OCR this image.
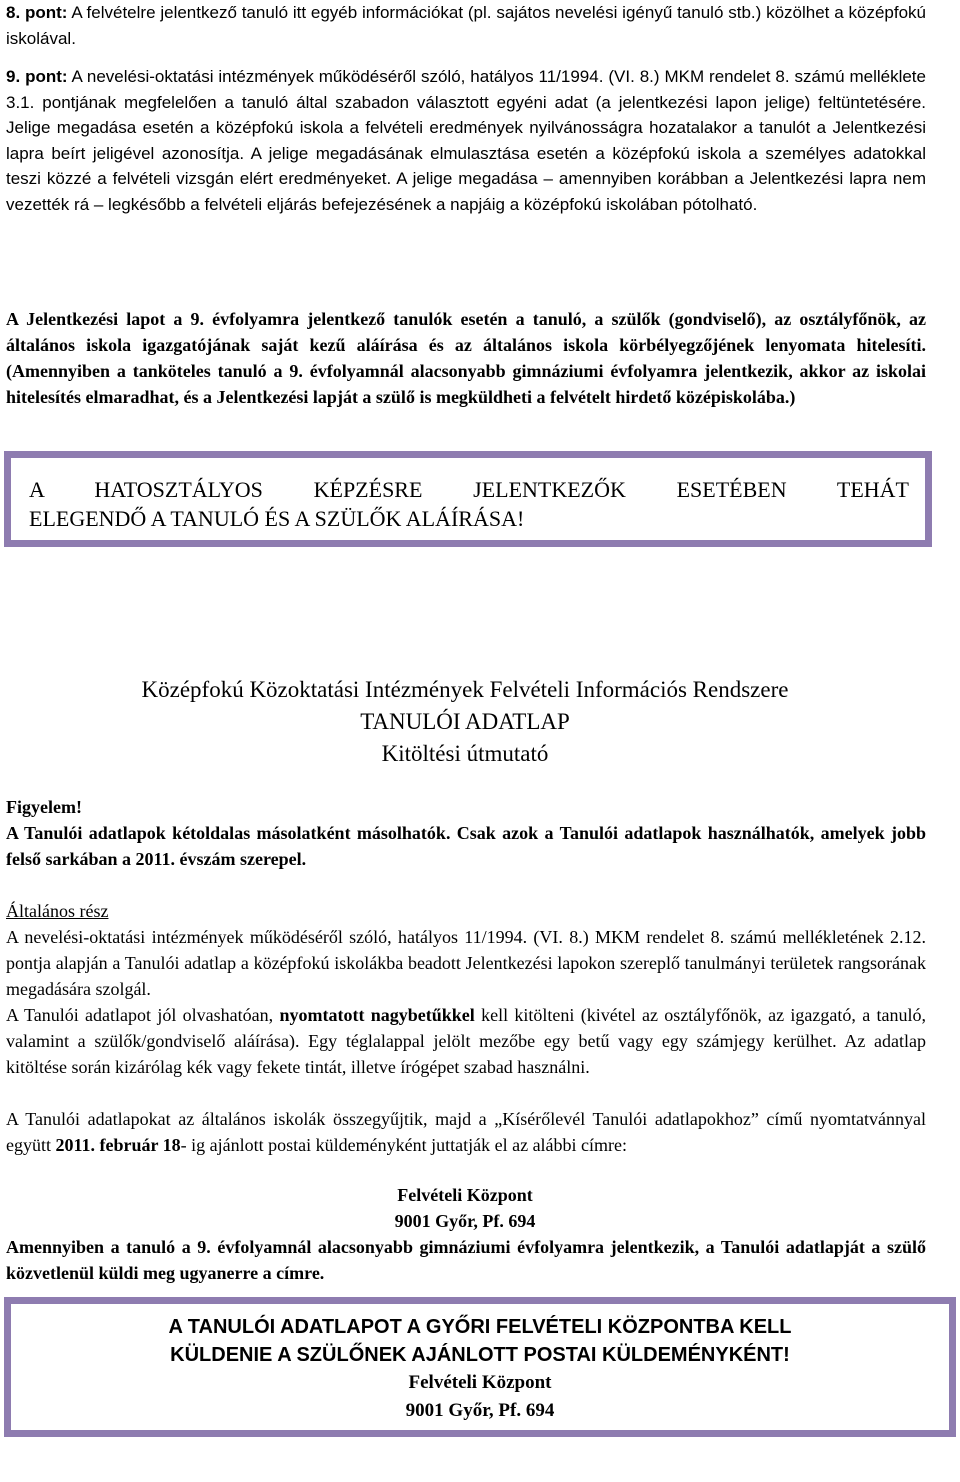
8. pont: A felvételre jelentkező tanuló itt egyéb információkat (pl. sajátos nevelési igényű tanuló stb.) közölhet a középfokú iskolával.

9. pont: A nevelési-oktatási intézmények működéséről szóló, hatályos 11/1994. (VI. 8.) MKM rendelet 8. számú melléklete 3.1. pontjának megfelelően a tanuló által szabadon választott egyéni adat (a jelentkezési lapon jelige) feltüntetésére. Jelige megadása esetén a középfokú iskola a felvételi eredmények nyilvánosságra hozatalakor a tanulót a Jelentkezési lapra beírt jeligével azonosítja. A jelige megadásának elmulasztása esetén a középfokú iskola a személyes adatokkal teszi közzé a felvételi vizsgán elért eredményeket. A jelige megadása – amennyiben korábban a Jelentkezési lapra nem vezették rá – legkésőbb a felvételi eljárás befejezésének a napjáig a középfokú iskolában pótolható.

A Jelentkezési lapot a 9. évfolyamra jelentkező tanulók esetén a tanuló, a szülők (gondviselő), az osztályfőnök, az általános iskola igazgatójának saját kezű aláírása és az általános iskola körbélyegzőjének lenyomata hitelesíti. (Amennyiben a tanköteles tanuló a 9. évfolyamnál alacsonyabb gimnáziumi évfolyamra jelentkezik, akkor az iskolai hitelesítés elmaradhat, és a Jelentkezési lapját a szülő is megküldheti a felvételt hirdető középiskolába.)

A HATOSZTÁLYOS KÉPZÉSRE JELENTKEZŐK ESETÉBEN TEHÁT
ELEGENDŐ A TANULÓ ÉS A SZÜLŐK ALÁÍRÁSA!
Középfokú Közoktatási Intézmények Felvételi Információs Rendszere
TANULÓI ADATLAP
Kitöltési útmutató
Figyelem!

A Tanulói adatlapok kétoldalas másolatként másolhatók. Csak azok a Tanulói adatlapok használhatók, amelyek jobb felső sarkában a 2011. évszám szerepel.

Általános rész

A nevelési-oktatási intézmények működéséről szóló, hatályos 11/1994. (VI. 8.) MKM rendelet 8. számú mellékletének 2.12. pontja alapján a Tanulói adatlap a középfokú iskolákba beadott Jelentkezési lapokon szereplő tanulmányi területek rangsorának megadására szolgál.

A Tanulói adatlapot jól olvashatóan, nyomtatott nagybetűkkel kell kitölteni (kivétel az osztályfőnök, az igazgató, a tanuló, valamint a szülők/gondviselő aláírása). Egy téglalappal jelölt mezőbe egy betű vagy egy számjegy kerülhet. Az adatlap kitöltése során kizárólag kék vagy fekete tintát, illetve írógépet szabad használni.

A Tanulói adatlapokat az általános iskolák összegyűjtik, majd a „Kísérőlevél Tanulói adatlapokhoz” című nyomtatvánnyal együtt 2011. február 18- ig ajánlott postai küldeményként juttatják el az alábbi címre:

Felvételi Központ
9001 Győr, Pf. 694

Amennyiben a tanuló a 9. évfolyamnál alacsonyabb gimnáziumi évfolyamra jelentkezik, a Tanulói adatlapját a szülő közvetlenül küldi meg ugyanerre a címre.

A TANULÓI ADATLAPOT A GYŐRI FELVÉTELI KÖZPONTBA KELL
KÜLDENIE A SZÜLŐNEK AJÁNLOTT POSTAI KÜLDEMÉNYKÉNT!
Felvételi Központ
9001 Győr, Pf. 694
